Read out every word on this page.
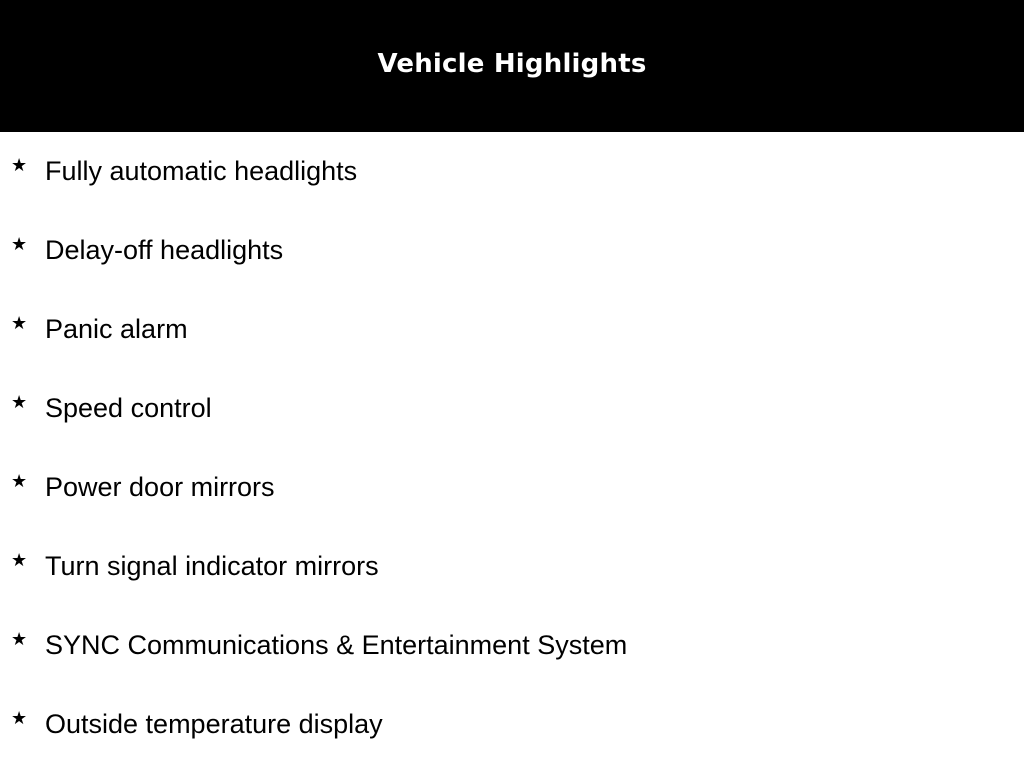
Vehicle Highlights
★ Fully automatic headlights
★ Delay-off headlights
★ Panic alarm
★ Speed control
★ Power door mirrors
★ Turn signal indicator mirrors
★ SYNC Communications & Entertainment System
★ Outside temperature display
